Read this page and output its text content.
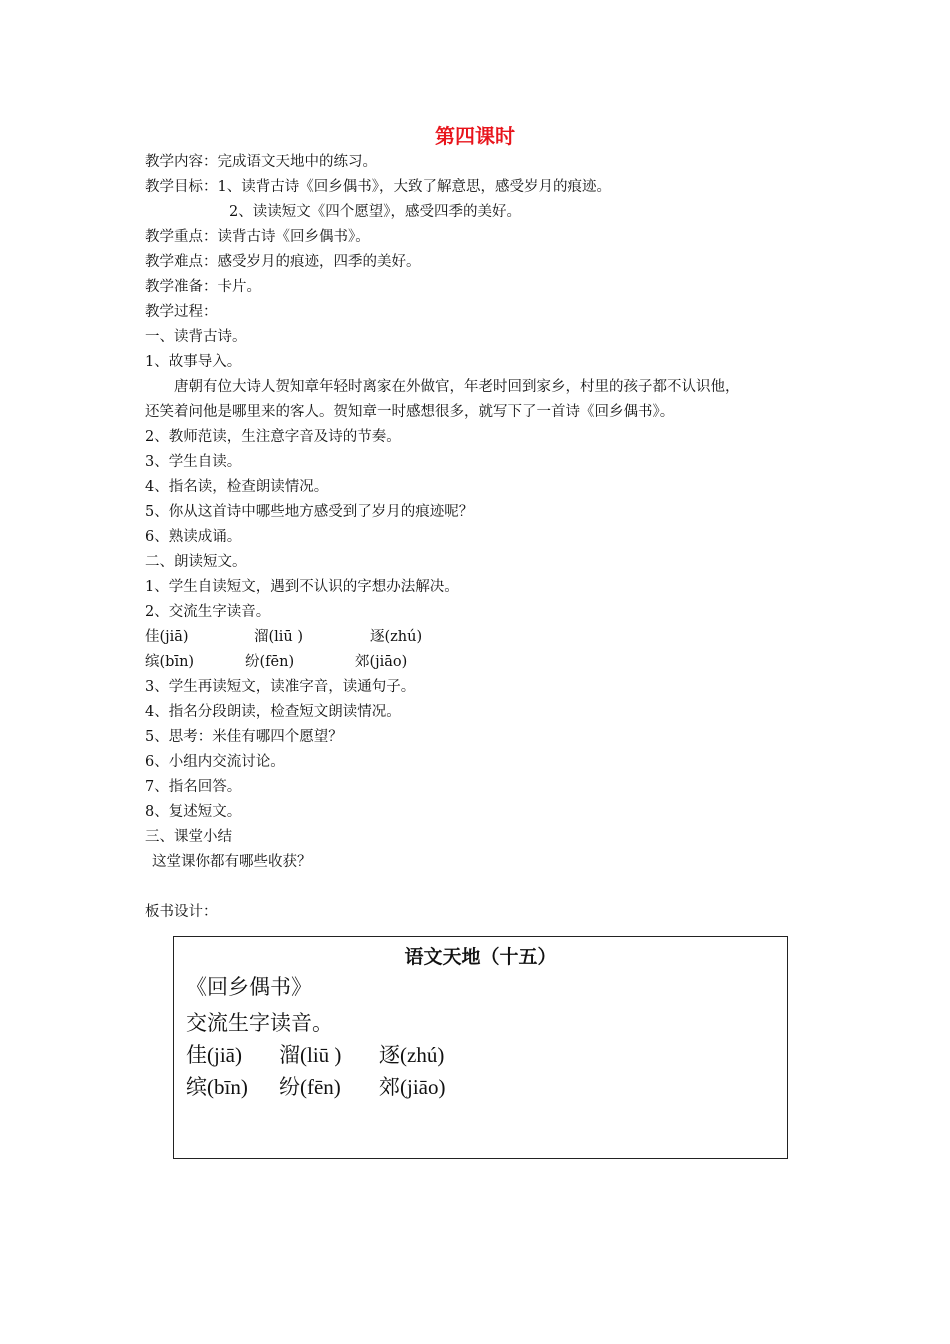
第四课时
教学内容：完成语文天地中的练习。
教学目标：1、读背古诗《回乡偶书》，大致了解意思，感受岁月的痕迹。
2、读读短文《四个愿望》，感受四季的美好。
教学重点：读背古诗《回乡偶书》。
教学难点：感受岁月的痕迹，四季的美好。
教学准备：卡片。
教学过程：
一、读背古诗。
1、故事导入。
唐朝有位大诗人贺知章年轻时离家在外做官，年老时回到家乡，村里的孩子都不认识他，
还笑着问他是哪里来的客人。贺知章一时感想很多，就写下了一首诗《回乡偶书》。
2、教师范读，生注意字音及诗的节奏。
3、学生自读。
4、指名读，检查朗读情况。
5、你从这首诗中哪些地方感受到了岁月的痕迹呢？
6、熟读成诵。
二、朗读短文。
1、学生自读短文，遇到不认识的字想办法解决。
2、交流生字读音。
佳(jiā)	溜(liū )	逐(zhú)
缤(bīn)	纷(fēn)	郊(jiāo)
3、学生再读短文，读准字音，读通句子。
4、指名分段朗读，检查短文朗读情况。
5、思考：米佳有哪四个愿望？
6、小组内交流讨论。
7、指名回答。
8、复述短文。
三、课堂小结
这堂课你都有哪些收获？
板书设计：
语文天地（十五）
《回乡偶书》
交流生字读音。
佳(jiā)	溜(liū )	逐(zhú)
缤(bīn)	纷(fēn)	郊(jiāo)
